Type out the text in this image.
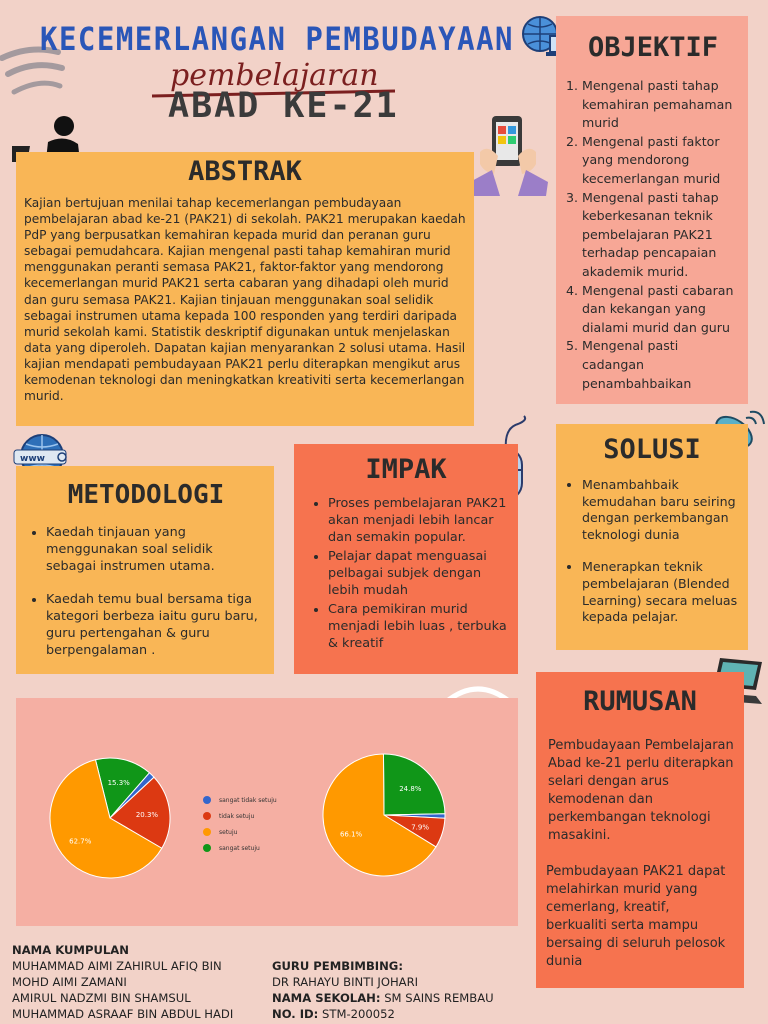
KECEMERLANGAN PEMBUDAYAAN
pembelajaran
ABAD KE-21
ABSTRAK
Kajian bertujuan menilai tahap kecemerlangan pembudayaan pembelajaran abad ke-21 (PAK21) di sekolah. PAK21 merupakan kaedah PdP yang berpusatkan kemahiran kepada murid dan peranan guru sebagai pemudahcara. Kajian mengenal pasti tahap kemahiran murid menggunakan peranti semasa PAK21, faktor-faktor yang mendorong kecemerlangan murid PAK21 serta cabaran yang dihadapi oleh murid dan guru semasa PAK21. Kajian tinjauan menggunakan soal selidik sebagai instrumen utama kepada 100 responden yang terdiri daripada murid sekolah kami. Statistik deskriptif digunakan untuk menjelaskan data yang diperoleh. Dapatan kajian menyarankan 2 solusi utama. Hasil kajian mendapati pembudayaan PAK21 perlu diterapkan mengikut arus kemodenan teknologi dan meningkatkan kreativiti serta kecemerlangan murid.
OBJEKTIF
1. Mengenal pasti tahap kemahiran pemahaman murid
2. Mengenal pasti faktor yang mendorong kecemerlangan murid
3. Mengenal pasti tahap keberkesanan teknik pembelajaran PAK21 terhadap pencapaian akademik murid.
4. Mengenal pasti cabaran dan kekangan yang dialami murid dan guru
5. Mengenal pasti cadangan penambahbaikan
www
METODOLOGI
• Kaedah tinjauan yang menggunakan soal selidik sebagai instrumen utama.
• Kaedah temu bual bersama tiga kategori berbeza iaitu guru baru, guru pertengahan & guru berpengalaman .
IMPAK
• Proses pembelajaran PAK21 akan menjadi lebih lancar dan semakin popular.
• Pelajar dapat menguasai pelbagai subjek dengan lebih mudah
• Cara pemikiran murid menjadi lebih luas , terbuka & kreatif
SOLUSI
• Menambahbaik kemudahan baru seiring dengan perkembangan teknologi dunia
• Menerapkan teknik pembelajaran (Blended Learning) secara meluas kepada pelajar.
15.3%
20.3%
62.7%
24.8%
7.9%
66.1%
sangat tidak setuju
tidak setuju
setuju
sangat setuju
RUMUSAN
Pembudayaan Pembelajaran Abad ke-21 perlu diterapkan selari dengan arus kemodenan dan perkembangan teknologi masakini.
Pembudayaan PAK21 dapat melahirkan murid yang cemerlang, kreatif, berkualiti serta mampu bersaing di seluruh pelosok dunia
NAMA KUMPULAN
MUHAMMAD AIMI ZAHIRUL AFIQ BIN
MOHD AIMI ZAMANI
AMIRUL NADZMI BIN SHAMSUL
MUHAMMAD ASRAAF BIN ABDUL HADI
GURU PEMBIMBING:
DR RAHAYU BINTI JOHARI
NAMA SEKOLAH: SM SAINS REMBAU
NO. ID: STM-200052
